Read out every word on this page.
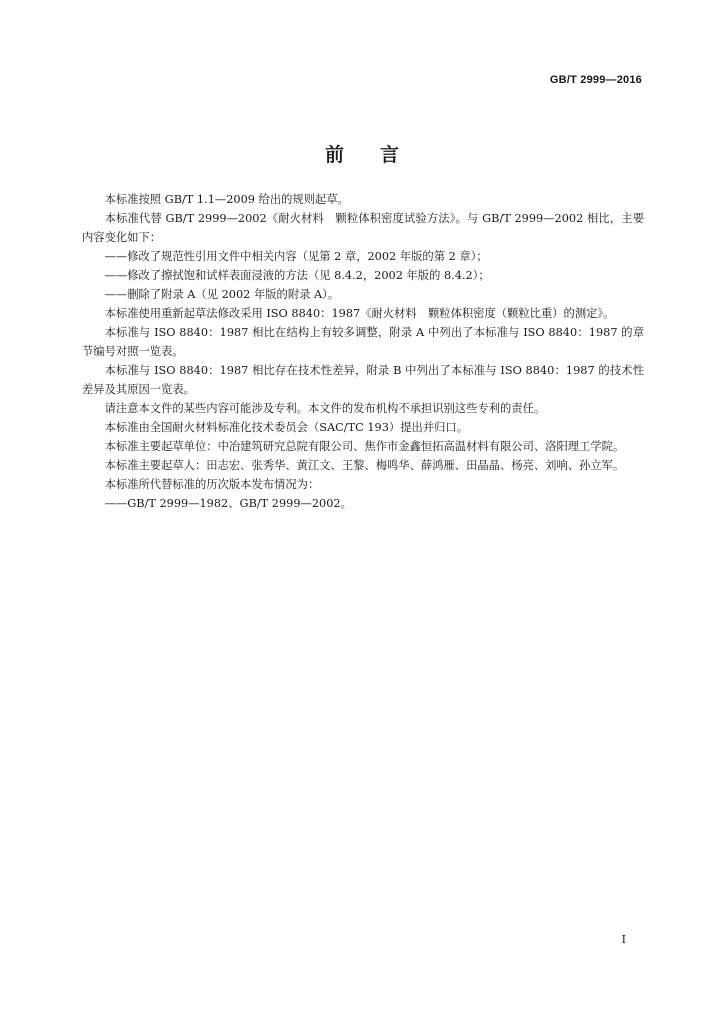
GB/T 2999—2016
前言

本标准按照 GB/T 1.1—2009 给出的规则起草。

本标准代替 GB/T 2999—2002《耐火材料　颗粒体积密度试验方法》。与 GB/T 2999—2002 相比，主要内容变化如下：

——修改了规范性引用文件中相关内容（见第 2 章，2002 年版的第 2 章）；

——修改了擦拭饱和试样表面浸液的方法（见 8.4.2，2002 年版的 8.4.2）；

——删除了附录 A（见 2002 年版的附录 A）。

本标准使用重新起草法修改采用 ISO 8840：1987《耐火材料　颗粒体积密度（颗粒比重）的测定》。

本标准与 ISO 8840：1987 相比在结构上有较多调整，附录 A 中列出了本标准与 ISO 8840：1987 的章节编号对照一览表。

本标准与 ISO 8840：1987 相比存在技术性差异，附录 B 中列出了本标准与 ISO 8840：1987 的技术性差异及其原因一览表。

请注意本文件的某些内容可能涉及专利。本文件的发布机构不承担识别这些专利的责任。

本标准由全国耐火材料标准化技术委员会（SAC/TC 193）提出并归口。

本标准主要起草单位：中冶建筑研究总院有限公司、焦作市金鑫恒拓高温材料有限公司、洛阳理工学院。

本标准主要起草人：田志宏、张秀华、黄江文、王黎、梅鸣华、薛鸿雁、田晶晶、杨亮、刘响、孙立军。

本标准所代替标准的历次版本发布情况为：

——GB/T 2999—1982、GB/T 2999—2002。

I
